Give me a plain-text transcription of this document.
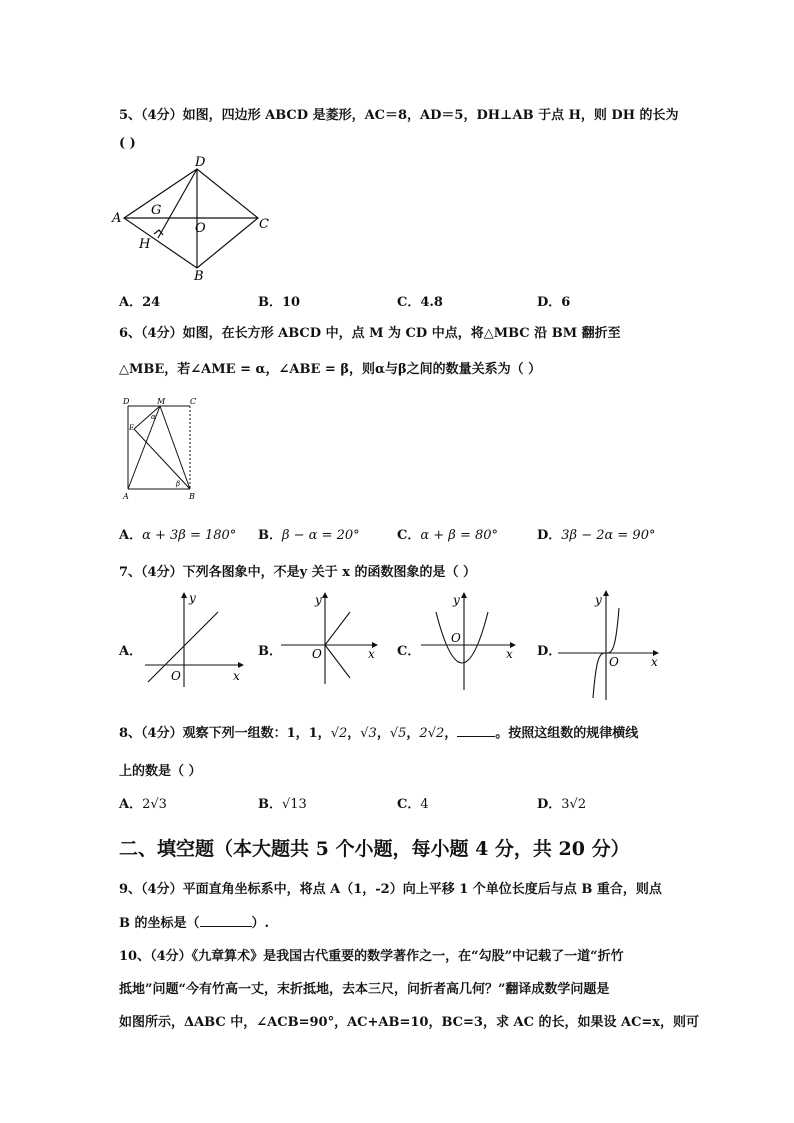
5、（4分）如图，四边形 ABCD 是菱形，AC＝8，AD＝5，DH⊥AB 于点 H，则 DH 的长为
( )
D
A
G
O	C
H
B
A．24	B．10	C．4.8	D．6
6、（4分）如图，在长方形 ABCD 中，点 M 为 CD 中点，将△MBC 沿 BM 翻折至
△MBE，若∠AME = α，∠ABE = β，则α与β之间的数量关系为（ ）
D	M	C
E
α
β
A	B
A．α + 3β = 180° B．β − α = 20°	C．α + β = 80°	D．3β − 2α = 90°
7、（4分）下列各图象中，不是y 关于 x 的函数图象的是（ ）
A．
y
x
O
B．
y
x
O	C．
y
x
O
D．
y
x
O
8、（4分）观察下列一组数：1，1，√2，√3，√5，2√2，	。按照这组数的规律横线
上的数是（ ）
A．2√3	B．√13	C．4	D．3√2
二、填空题（本大题共 5 个小题，每小题 4 分，共 20 分）
9、（4分）平面直角坐标系中，将点 A（1，-2）向上平移 1 个单位长度后与点 B 重合，则点
B 的坐标是（	）.
10、（4分）《九章算术》是我国古代重要的数学著作之一，在“勾股”中记载了一道“折竹
抵地”问题“今有竹高一丈，末折抵地，去本三尺，问折者高几何？”翻译成数学问题是
如图所示，ΔABC 中，∠ACB=90°，AC+AB=10，BC=3，求 AC 的长，如果设 AC=x，则可
